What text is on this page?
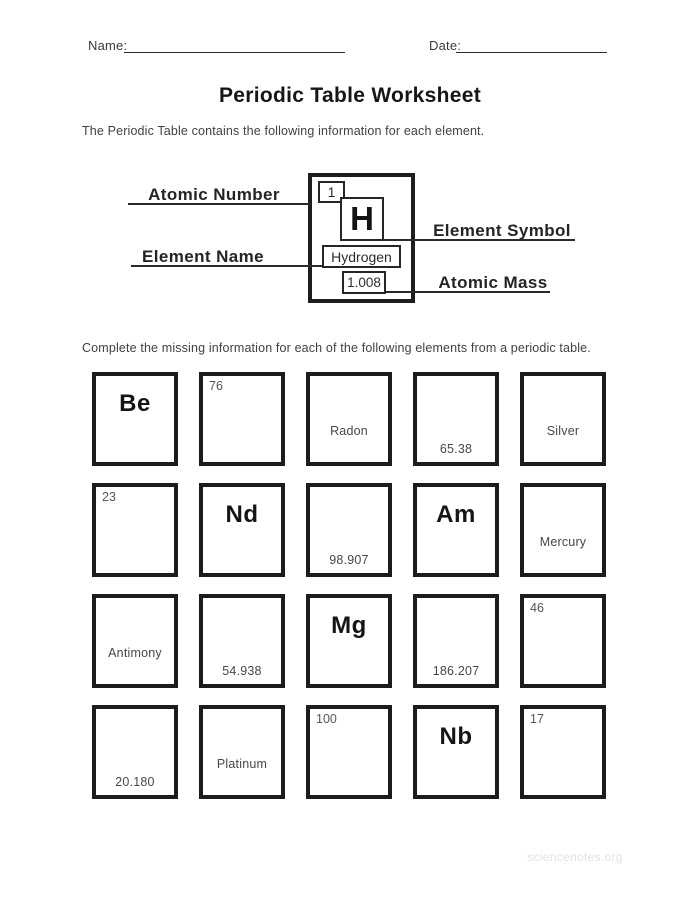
Name:	Date:
Periodic Table Worksheet
The Periodic Table contains the following information for each element.
1
H
Hydrogen
1.008
Atomic Number
Element Symbol
Element Name
Atomic Mass
Complete the missing information for each of the following elements from a periodic table.
Be
76
Radon
65.38
Silver
23
Nd
98.907
Am
Mercury
Antimony
54.938
Mg
186.207
46
20.180
Platinum
100
Nb
17
sciencenotes.org
